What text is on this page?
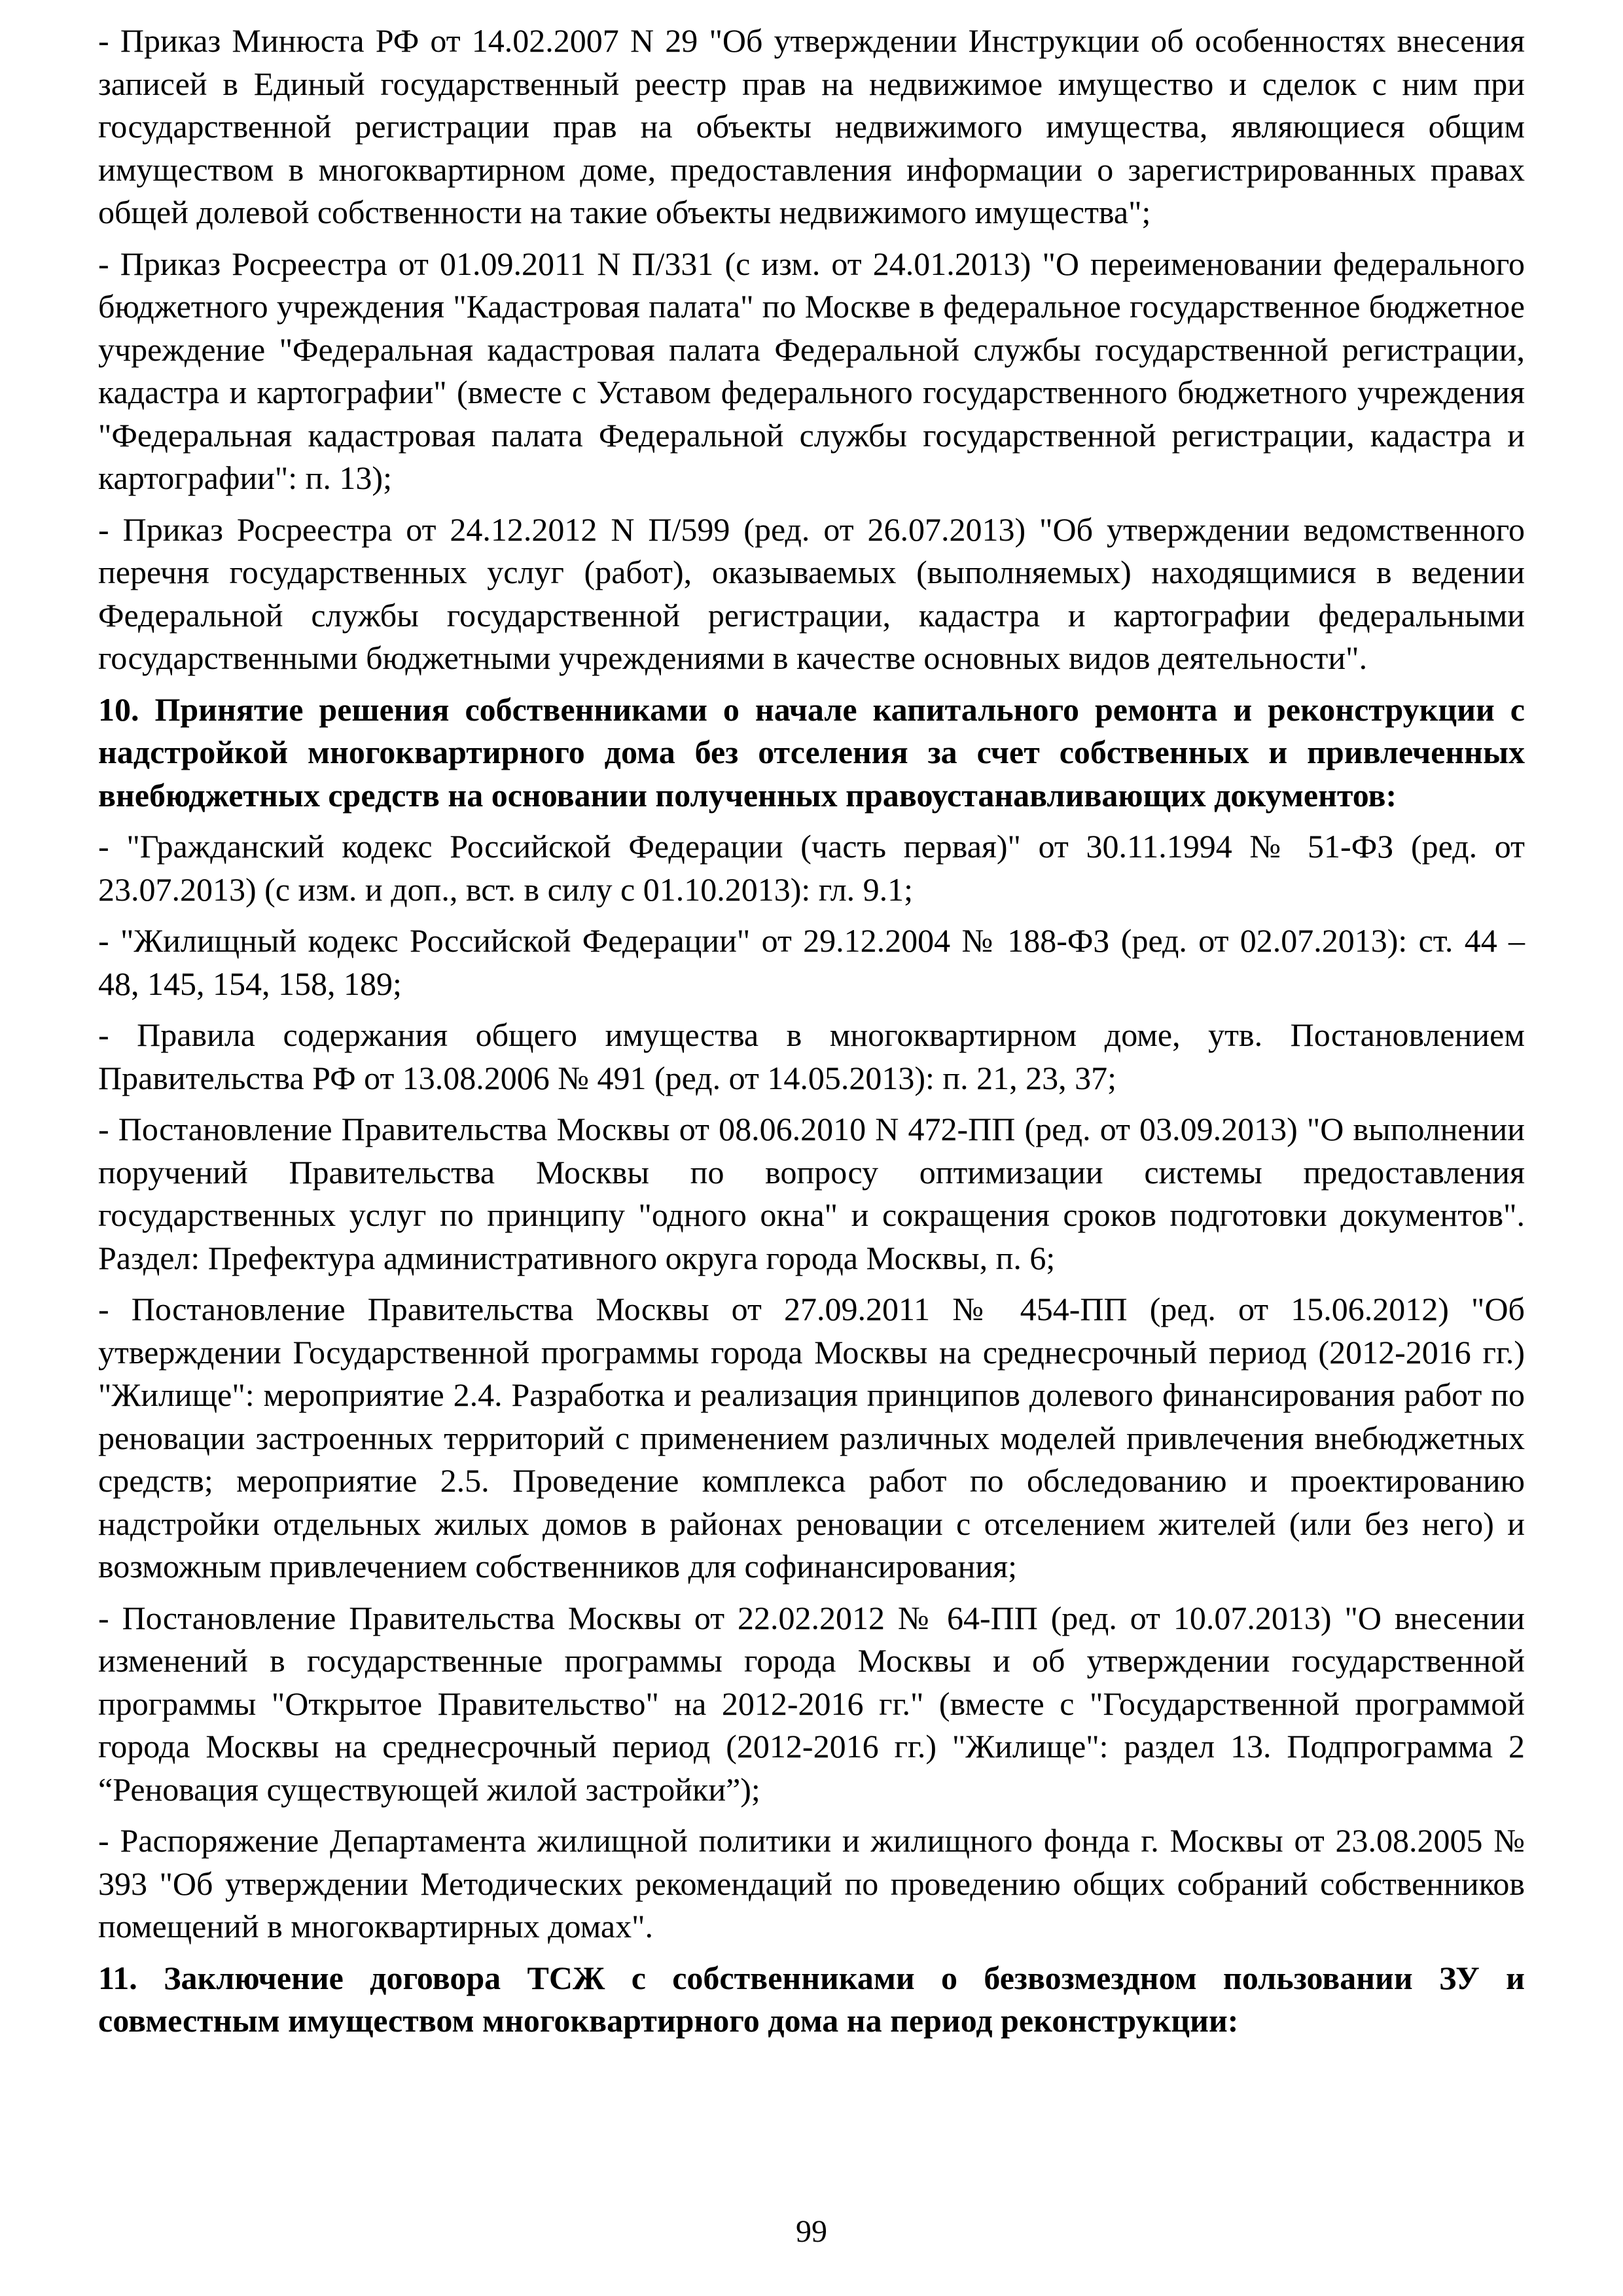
- Приказ Минюста РФ от 14.02.2007 N 29 "Об утверждении Инструкции об особенностях внесения записей в Единый государственный реестр прав на недвижимое имущество и сделок с ним при государственной регистрации прав на объекты недвижимого имущества, являющиеся общим имуществом в многоквартирном доме, предоставления информации о зарегистрированных правах общей долевой собственности на такие объекты недвижимого имущества";

- Приказ Росреестра от 01.09.2011 N П/331 (с изм. от 24.01.2013) "О переименовании федерального бюджетного учреждения "Кадастровая палата" по Москве в федеральное государственное бюджетное учреждение "Федеральная кадастровая палата Федеральной службы государственной регистрации, кадастра и картографии" (вместе с Уставом федерального государственного бюджетного учреждения "Федеральная кадастровая палата Федеральной службы государственной регистрации, кадастра и картографии": п. 13);

- Приказ Росреестра от 24.12.2012 N П/599 (ред. от 26.07.2013) "Об утверждении ведомственного перечня государственных услуг (работ), оказываемых (выполняемых) находящимися в ведении Федеральной службы государственной регистрации, кадастра и картографии федеральными государственными бюджетными учреждениями в качестве основных видов деятельности".

10. Принятие решения собственниками о начале капитального ремонта и реконструкции с надстройкой многоквартирного дома без отселения за счет собственных и привлеченных внебюджетных средств на основании полученных правоустанавливающих документов:

- "Гражданский кодекс Российской Федерации (часть первая)" от 30.11.1994 № 51-ФЗ (ред. от 23.07.2013) (с изм. и доп., вст. в силу с 01.10.2013): гл. 9.1;

- "Жилищный кодекс Российской Федерации" от 29.12.2004 № 188-ФЗ (ред. от 02.07.2013): ст. 44 – 48, 145, 154, 158, 189;

- Правила содержания общего имущества в многоквартирном доме, утв. Постановлением Правительства РФ от 13.08.2006 № 491 (ред. от 14.05.2013): п. 21, 23, 37;

- Постановление Правительства Москвы от 08.06.2010 N 472-ПП (ред. от 03.09.2013) "О выполнении поручений Правительства Москвы по вопросу оптимизации системы предоставления государственных услуг по принципу "одного окна" и сокращения сроков подготовки документов". Раздел: Префектура административного округа города Москвы, п. 6;

- Постановление Правительства Москвы от 27.09.2011 № 454-ПП (ред. от 15.06.2012) "Об утверждении Государственной программы города Москвы на среднесрочный период (2012-2016 гг.) "Жилище": мероприятие 2.4. Разработка и реализация принципов долевого финансирования работ по реновации застроенных территорий с применением различных моделей привлечения внебюджетных средств; мероприятие 2.5. Проведение комплекса работ по обследованию и проектированию надстройки отдельных жилых домов в районах реновации с отселением жителей (или без него) и возможным привлечением собственников для софинансирования;

- Постановление Правительства Москвы от 22.02.2012 № 64-ПП (ред. от 10.07.2013) "О внесении изменений в государственные программы города Москвы и об утверждении государственной программы "Открытое Правительство" на 2012-2016 гг." (вместе с "Государственной программой города Москвы на среднесрочный период (2012-2016 гг.) "Жилище": раздел 13. Подпрограмма 2 “Реновация существующей жилой застройки”);

- Распоряжение Департамента жилищной политики и жилищного фонда г. Москвы от 23.08.2005 № 393 "Об утверждении Методических рекомендаций по проведению общих собраний собственников помещений в многоквартирных домах".

11. Заключение договора ТСЖ с собственниками о безвозмездном пользовании ЗУ и совместным имуществом многоквартирного дома на период реконструкции:
99
